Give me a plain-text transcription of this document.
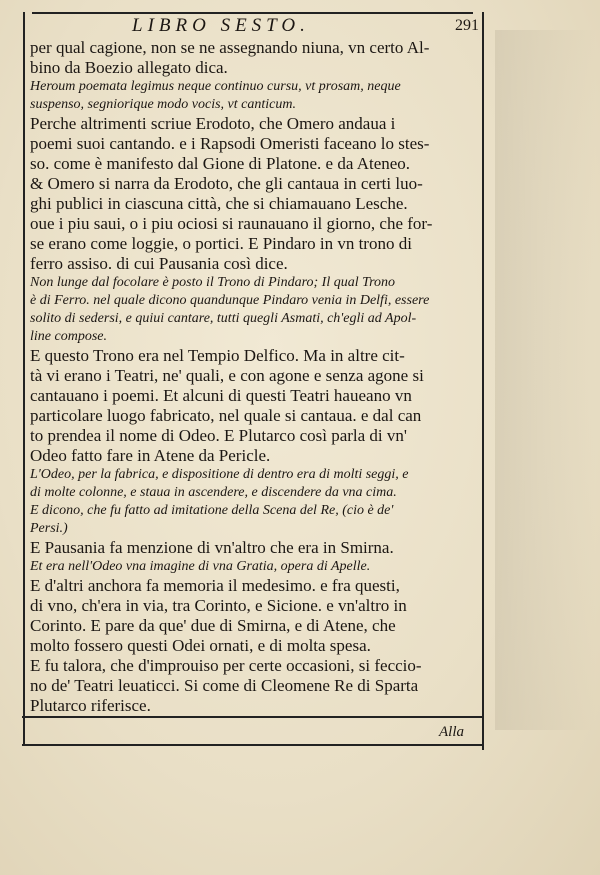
LIBRO SESTO.	291
per qual cagione, non se ne assegnando niuna, vn certo Al-
bino da Boezio allegato dica.
Heroum poemata legimus neque continuo cursu, vt prosam, neque
suspenso, segniorique modo vocis, vt canticum.
Perche altrimenti scriue Erodoto, che Omero andaua i
poemi suoi cantando. e i Rapsodi Omeristi faceano lo stes-
so. come è manifesto dal Gione di Platone. e da Ateneo.
& Omero si narra da Erodoto, che gli cantaua in certi luo-
ghi publici in ciascuna città, che si chiamauano Lesche.
oue i piu saui, o i piu ociosi si raunauano il giorno, che for-
se erano come loggie, o portici. E Pindaro in vn trono di
ferro assiso. di cui Pausania così dice.
Non lunge dal focolare è posto il Trono di Pindaro; Il qual Trono
è di Ferro. nel quale dicono quandunque Pindaro venia in Delfi, essere
solito di sedersi, e quiui cantare, tutti quegli Asmati, ch'egli ad Apol-
line compose.
E questo Trono era nel Tempio Delfico. Ma in altre cit-
tà vi erano i Teatri, ne' quali, e con agone e senza agone si
cantauano i poemi. Et alcuni di questi Teatri haueano vn
particolare luogo fabricato, nel quale si cantaua. e dal can
to prendea il nome di Odeo. E Plutarco così parla di vn'
Odeo fatto fare in Atene da Pericle.
L'Odeo, per la fabrica, e dispositione di dentro era di molti seggi, e
di molte colonne, e staua in ascendere, e discendere da vna cima.
E dicono, che fu fatto ad imitatione della Scena del Re, (cio è de'
Persi.)
E Pausania fa menzione di vn'altro che era in Smirna.
Et era nell'Odeo vna imagine di vna Gratia, opera di Apelle.
E d'altri anchora fa memoria il medesimo. e fra questi,
di vno, ch'era in via, tra Corinto, e Sicione. e vn'altro in
Corinto. E pare da que' due di Smirna, e di Atene, che
molto fossero questi Odei ornati, e di molta spesa.
E fu talora, che d'improuiso per certe occasioni, si feccio-
no de' Teatri leuaticci. Si come di Cleomene Re di Sparta
Plutarco riferisce.
Alla
